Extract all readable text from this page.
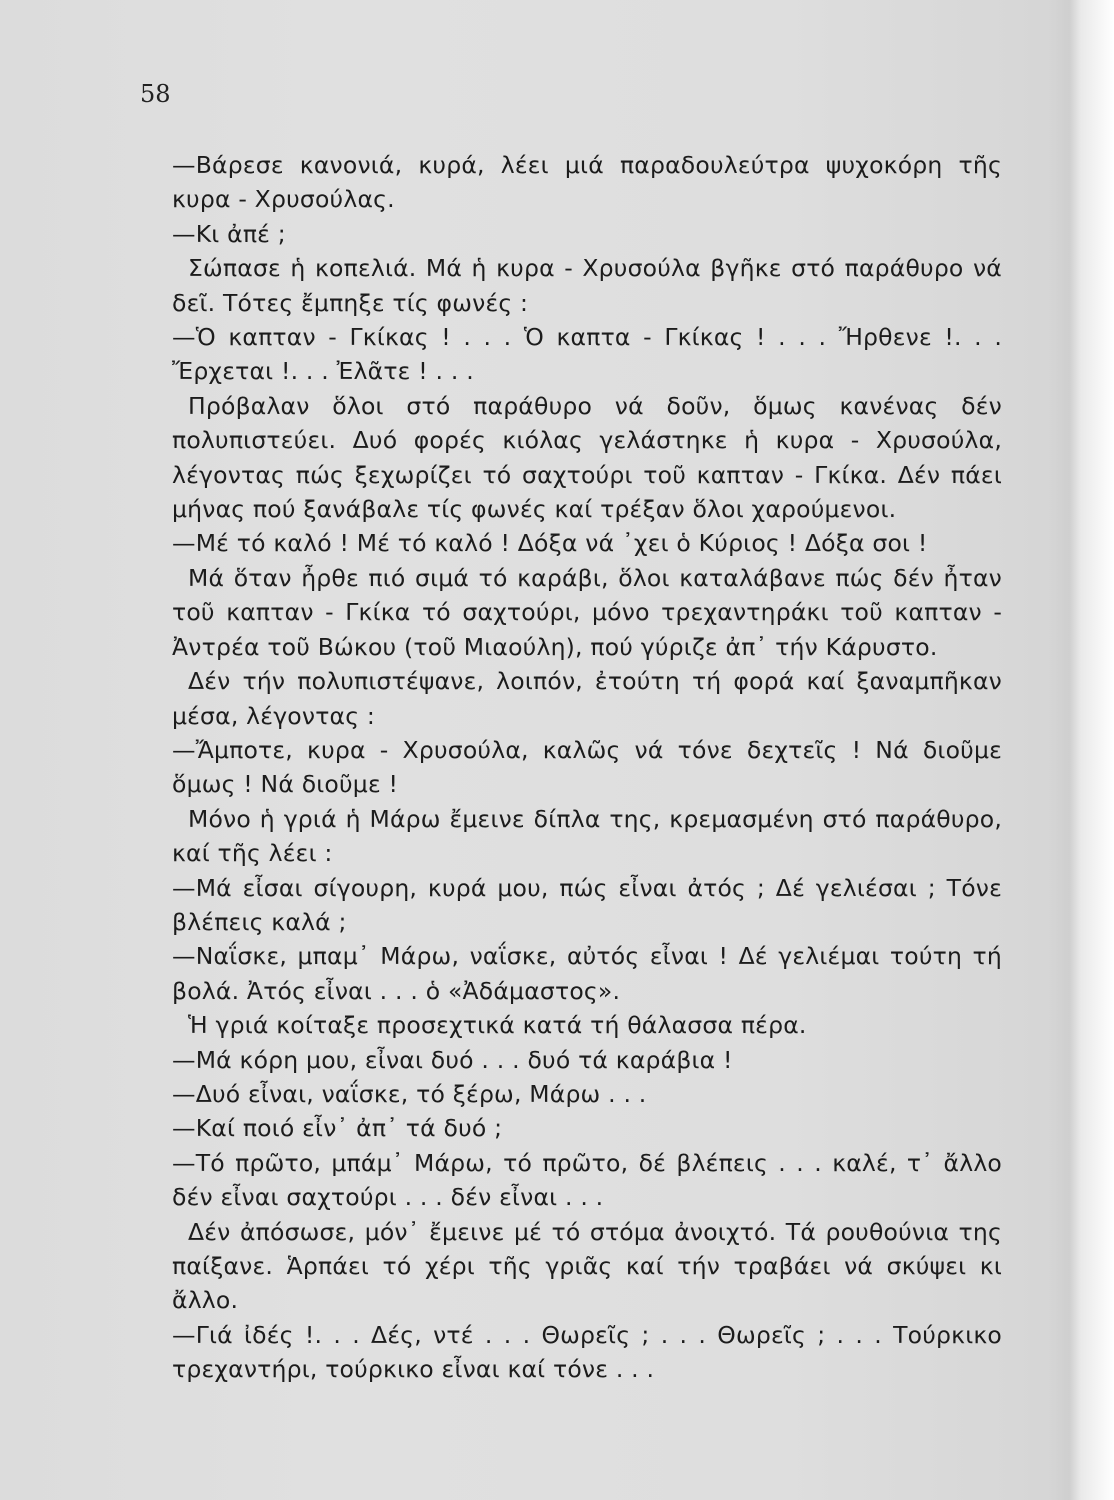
58

—Βάρεσε κανονιά, κυρά, λέει μιά παραδουλεύτρα ψυχοκόρη τῆς κυρα - Χρυσούλας.

—Κι ἀπέ ;

Σώπασε ἡ κοπελιά. Μά ἡ κυρα - Χρυσούλα βγῆκε στό παράθυρο νά δεῖ. Τότες ἔμπηξε τίς φωνές :

—Ὁ καπταν - Γκίκας ! . . . Ὁ καπτα - Γκίκας ! . . . Ἤρθενε !. . . Ἔρχεται !. . . Ἐλᾶτε ! . . .

Πρόβαλαν ὅλοι στό παράθυρο νά δοῦν, ὅμως κανένας δέν πολυπιστεύει. Δυό φορές κιόλας γελάστηκε ἡ κυρα - Χρυσούλα, λέγοντας πώς ξεχωρίζει τό σαχτούρι τοῦ καπταν - Γκίκα. Δέν πάει μήνας πού ξανάβαλε τίς φωνές καί τρέξαν ὅλοι χαρούμενοι.

—Μέ τό καλό ! Μέ τό καλό ! Δόξα νά ᾽χει ὁ Κύριος ! Δόξα σοι !

Μά ὅταν ἦρθε πιό σιμά τό καράβι, ὅλοι καταλάβανε πώς δέν ἦταν τοῦ καπταν - Γκίκα τό σαχτούρι, μόνο τρεχαντηράκι τοῦ καπταν - Ἀντρέα τοῦ Βώκου (τοῦ Μιαούλη), πού γύριζε ἀπ᾽ τήν Κάρυστο.

Δέν τήν πολυπιστέψανε, λοιπόν, ἐτούτη τή φορά καί ξαναμπῆκαν μέσα, λέγοντας :

—Ἄμποτε, κυρα - Χρυσούλα, καλῶς νά τόνε δεχτεῖς ! Νά διοῦμε ὅμως ! Νά διοῦμε !

Μόνο ἡ γριά ἡ Μάρω ἔμεινε δίπλα της, κρεμασμένη στό παράθυρο, καί τῆς λέει :

—Μά εἶσαι σίγουρη, κυρά μου, πώς εἶναι ἀτός ; Δέ γελιέσαι ; Τόνε βλέπεις καλά ;

—Ναΐσκε, μπαμ᾽ Μάρω, ναΐσκε, αὐτός εἶναι ! Δέ γελιέμαι τούτη τή βολά. Ἀτός εἶναι . . . ὁ «Ἀδάμαστος».

Ἡ γριά κοίταξε προσεχτικά κατά τή θάλασσα πέρα.

—Μά κόρη μου, εἶναι δυό . . . δυό τά καράβια !

—Δυό εἶναι, ναΐσκε, τό ξέρω, Μάρω . . .

—Καί ποιό εἶν᾽ ἀπ᾽ τά δυό ;

—Τό πρῶτο, μπάμ᾽ Μάρω, τό πρῶτο, δέ βλέπεις . . . καλέ, τ᾽ ἄλλο δέν εἶναι σαχτούρι . . . δέν εἶναι . . .

Δέν ἀπόσωσε, μόν᾽ ἔμεινε μέ τό στόμα ἀνοιχτό. Τά ρουθούνια της παίξανε. Ἁρπάει τό χέρι τῆς γριᾶς καί τήν τραβάει νά σκύψει κι ἄλλο.

—Γιά ἰδές !. . . Δές, ντέ . . . Θωρεῖς ; . . . Θωρεῖς ; . . . Τούρκικο τρεχαντήρι, τούρκικο εἶναι καί τόνε . . .
